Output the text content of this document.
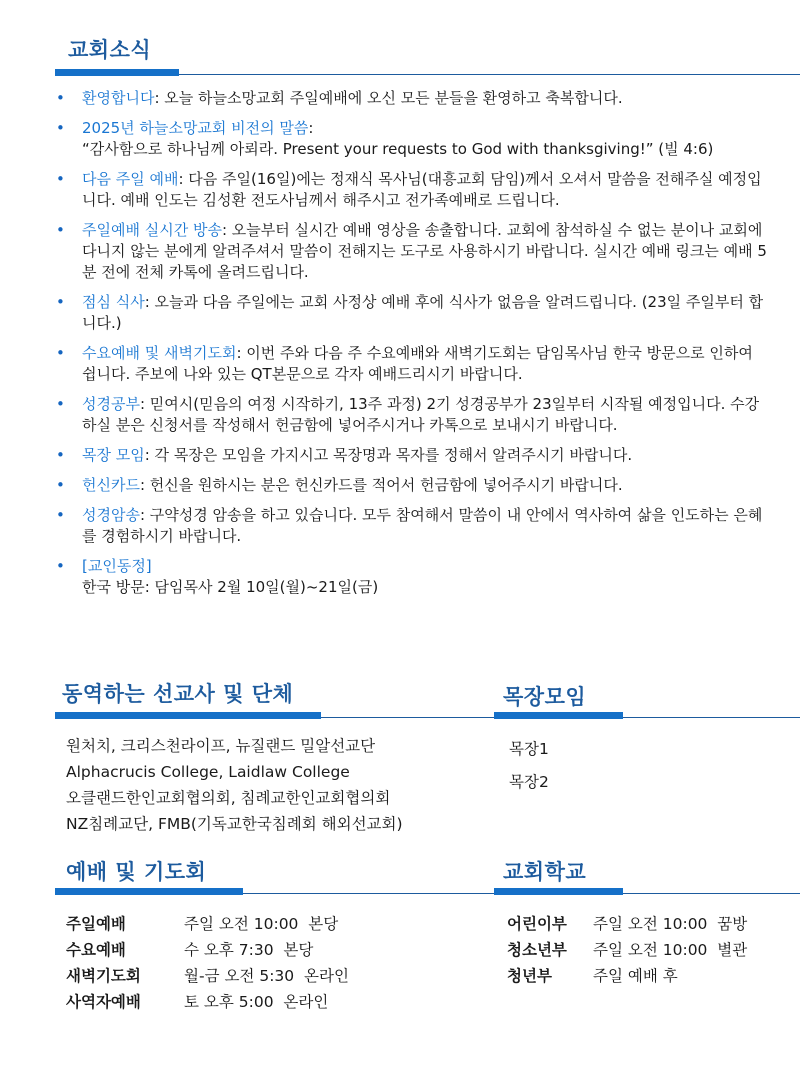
교회소식
• 환영합니다: 오늘 하늘소망교회 주일예배에 오신 모든 분들을 환영하고 축복합니다.
• 2025년 하늘소망교회 비전의 말씀:
“감사함으로 하나님께 아뢰라. Present your requests to God with thanksgiving!” (빌 4:6)
• 다음 주일 예배: 다음 주일(16일)에는 정재식 목사님(대흥교회 담임)께서 오셔서 말씀을 전해주실 예정입니다. 예배 인도는 김성환 전도사님께서 해주시고 전가족예배로 드립니다.
• 주일예배 실시간 방송: 오늘부터 실시간 예배 영상을 송출합니다. 교회에 참석하실 수 없는 분이나 교회에 다니지 않는 분에게 알려주셔서 말씀이 전해지는 도구로 사용하시기 바랍니다. 실시간 예배 링크는 예배 5분 전에 전체 카톡에 올려드립니다.
• 점심 식사: 오늘과 다음 주일에는 교회 사정상 예배 후에 식사가 없음을 알려드립니다. (23일 주일부터 합니다.)
• 수요예배 및 새벽기도회: 이번 주와 다음 주 수요예배와 새벽기도회는 담임목사님 한국 방문으로 인하여 쉽니다. 주보에 나와 있는 QT본문으로 각자 예배드리시기 바랍니다.
• 성경공부: 믿여시(믿음의 여정 시작하기, 13주 과정) 2기 성경공부가 23일부터 시작될 예정입니다. 수강하실 분은 신청서를 작성해서 헌금함에 넣어주시거나 카톡으로 보내시기 바랍니다.
• 목장 모임: 각 목장은 모임을 가지시고 목장명과 목자를 정해서 알려주시기 바랍니다.
• 헌신카드: 헌신을 원하시는 분은 헌신카드를 적어서 헌금함에 넣어주시기 바랍니다.
• 성경암송: 구약성경 암송을 하고 있습니다. 모두 참여해서 말씀이 내 안에서 역사하여 삶을 인도하는 은혜를 경험하시기 바랍니다.
• [교인동정]
한국 방문: 담임목사 2월 10일(월)~21일(금)
동역하는 선교사 및 단체
원처치, 크리스천라이프, 뉴질랜드 밀알선교단
Alphacrucis College, Laidlaw College
오클랜드한인교회협의회, 침례교한인교회협의회
NZ침례교단, FMB(기독교한국침례회 해외선교회)
목장모임
목장1
목장2
예배 및 기도회
주일예배	주일 오전 10:00  본당
수요예배	수 오후 7:30  본당
새벽기도회	월-금 오전 5:30  온라인
사역자예배	토 오후 5:00  온라인
교회학교
어린이부	주일 오전 10:00  꿈방
청소년부	주일 오전 10:00  별관
청년부	주일 예배 후
